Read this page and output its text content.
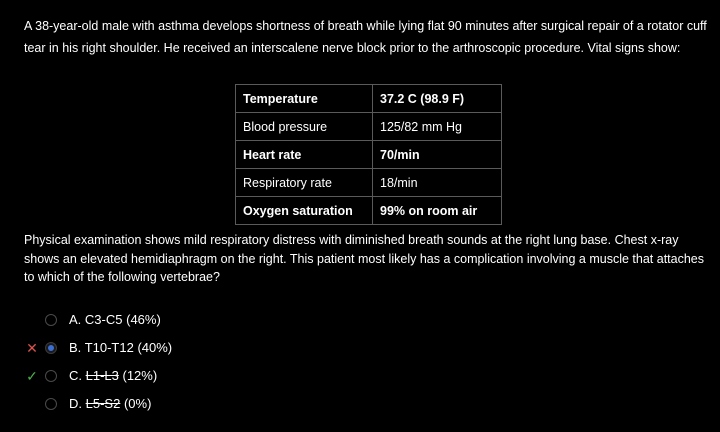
A 38-year-old male with asthma develops shortness of breath while lying flat 90 minutes after surgical repair of a rotator cuff tear in his right shoulder. He received an interscalene nerve block prior to the arthroscopic procedure. Vital signs show:

Temperature	37.2 C (98.9 F)
Blood pressure	125/82 mm Hg
Heart rate	70/min
Respiratory rate	18/min
Oxygen saturation	99% on room air

Physical examination shows mild respiratory distress with diminished breath sounds at the right lung base. Chest x-ray shows an elevated hemidiaphragm on the right. This patient most likely has a complication involving a muscle that attaches to which of the following vertebrae?

A. C3-C5 (46%)
✕ B. T10-T12 (40%)
✓ C. L1-L3 (12%)
D. L5-S2 (0%)
